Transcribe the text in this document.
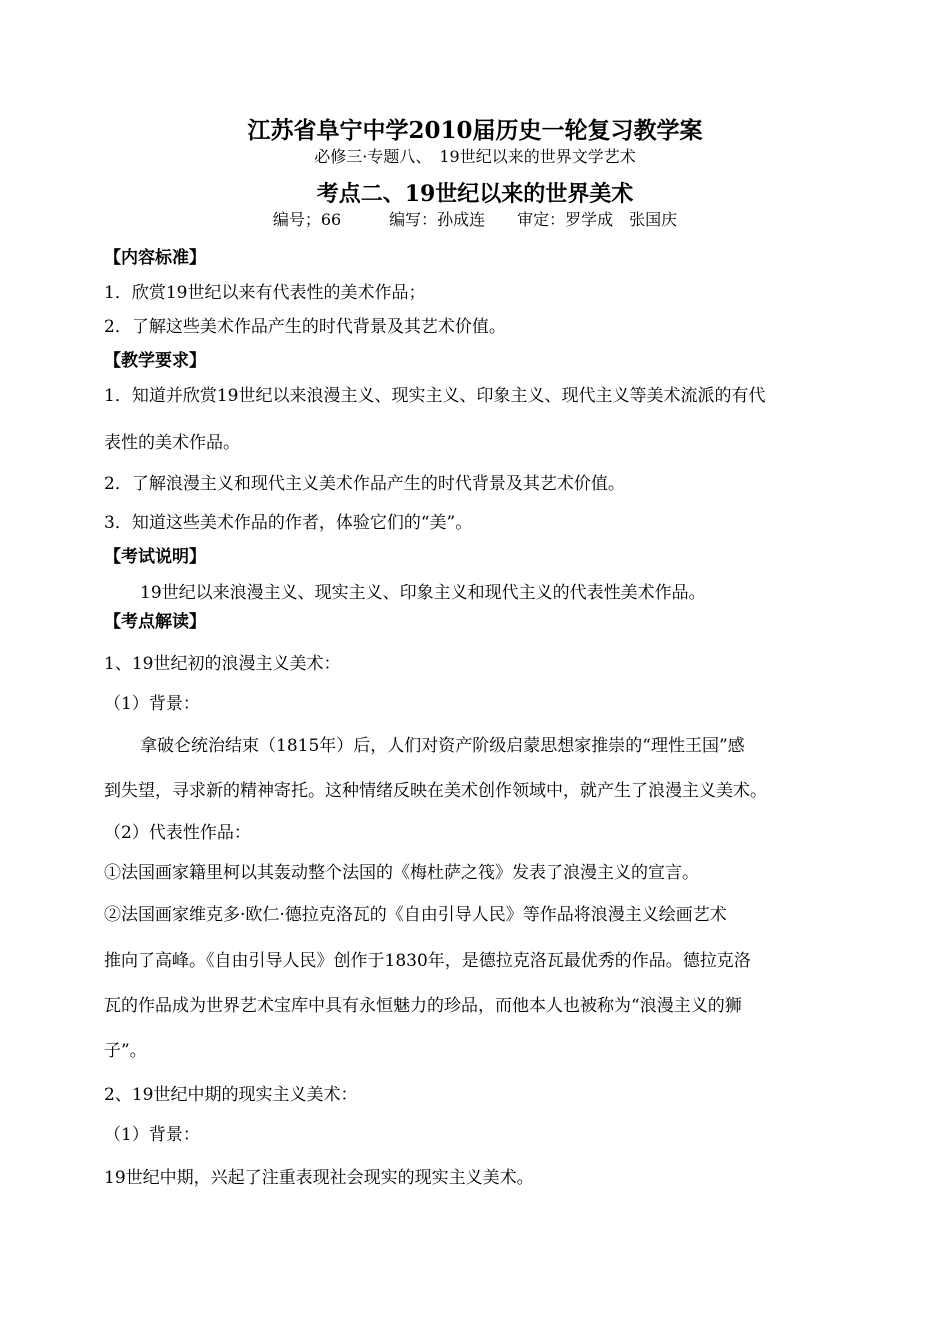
江苏省阜宁中学2010届历史一轮复习教学案
必修三·专题八、　19世纪以来的世界文学艺术
考点二、19世纪以来的世界美术
编号；66　　　编写：孙成连　　审定：罗学成　张国庆
【内容标准】
1．欣赏19世纪以来有代表性的美术作品；
2．了解这些美术作品产生的时代背景及其艺术价值。
【教学要求】
1．知道并欣赏19世纪以来浪漫主义、现实主义、印象主义、现代主义等美术流派的有代
表性的美术作品。
2．了解浪漫主义和现代主义美术作品产生的时代背景及其艺术价值。
3．知道这些美术作品的作者，体验它们的“美”。
【考试说明】
19世纪以来浪漫主义、现实主义、印象主义和现代主义的代表性美术作品。
【考点解读】
1、19世纪初的浪漫主义美术：
（1）背景：
拿破仑统治结束（1815年）后，人们对资产阶级启蒙思想家推崇的“理性王国”感
到失望，寻求新的精神寄托。这种情绪反映在美术创作领域中，就产生了浪漫主义美术。
（2）代表性作品：
①法国画家籍里柯以其轰动整个法国的《梅杜萨之筏》发表了浪漫主义的宣言。
②法国画家维克多·欧仁·德拉克洛瓦的《自由引导人民》等作品将浪漫主义绘画艺术
推向了高峰。《自由引导人民》创作于1830年，是德拉克洛瓦最优秀的作品。德拉克洛
瓦的作品成为世界艺术宝库中具有永恒魅力的珍品，而他本人也被称为“浪漫主义的狮
子”。
2、19世纪中期的现实主义美术：
（1）背景：
19世纪中期，兴起了注重表现社会现实的现实主义美术。
